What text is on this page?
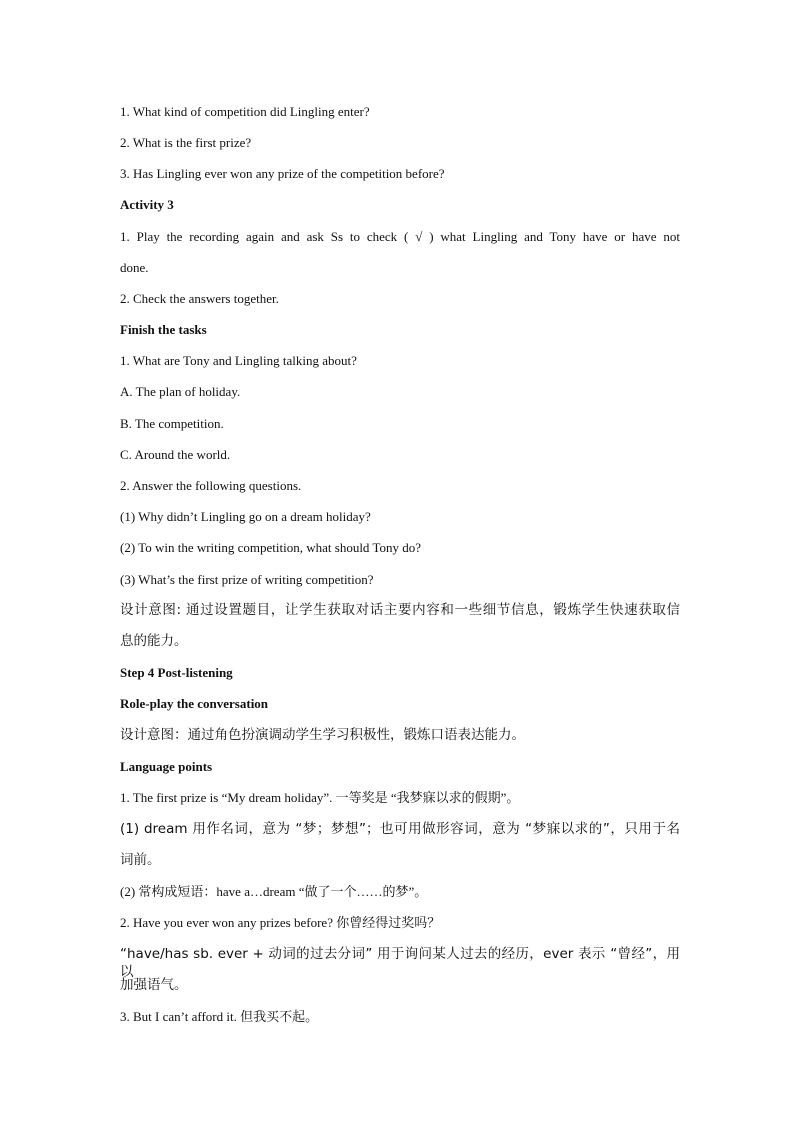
1. What kind of competition did Lingling enter?
2. What is the first prize?
3. Has Lingling ever won any prize of the competition before?
Activity 3
1. Play the recording again and ask Ss to check ( √ ) what Lingling and Tony have or have not
done.
2. Check the answers together.
Finish the tasks
1. What are Tony and Lingling talking about?
A. The plan of holiday.
B. The competition.
C. Around the world.
2. Answer the following questions.
(1) Why didn’t Lingling go on a dream holiday?
(2) To win the writing competition, what should Tony do?
(3) What’s the first prize of writing competition?
设计意图: 通过设置题目，让学生获取对话主要内容和一些细节信息，锻炼学生快速获取信
息的能力。
Step 4 Post-listening
Role-play the conversation
设计意图：通过角色扮演调动学生学习积极性，锻炼口语表达能力。
Language points
1. The first prize is “My dream holiday”. 一等奖是 “我梦寐以求的假期”。
(1) dream 用作名词，意为 “梦；梦想”；也可用做形容词，意为 “梦寐以求的”，只用于名
词前。
(2) 常构成短语：have a…dream “做了一个……的梦”。
2. Have you ever won any prizes before? 你曾经得过奖吗？
“have/has sb. ever + 动词的过去分词” 用于询问某人过去的经历，ever 表示 “曾经”，用以
加强语气。
3. But I can’t afford it. 但我买不起。
